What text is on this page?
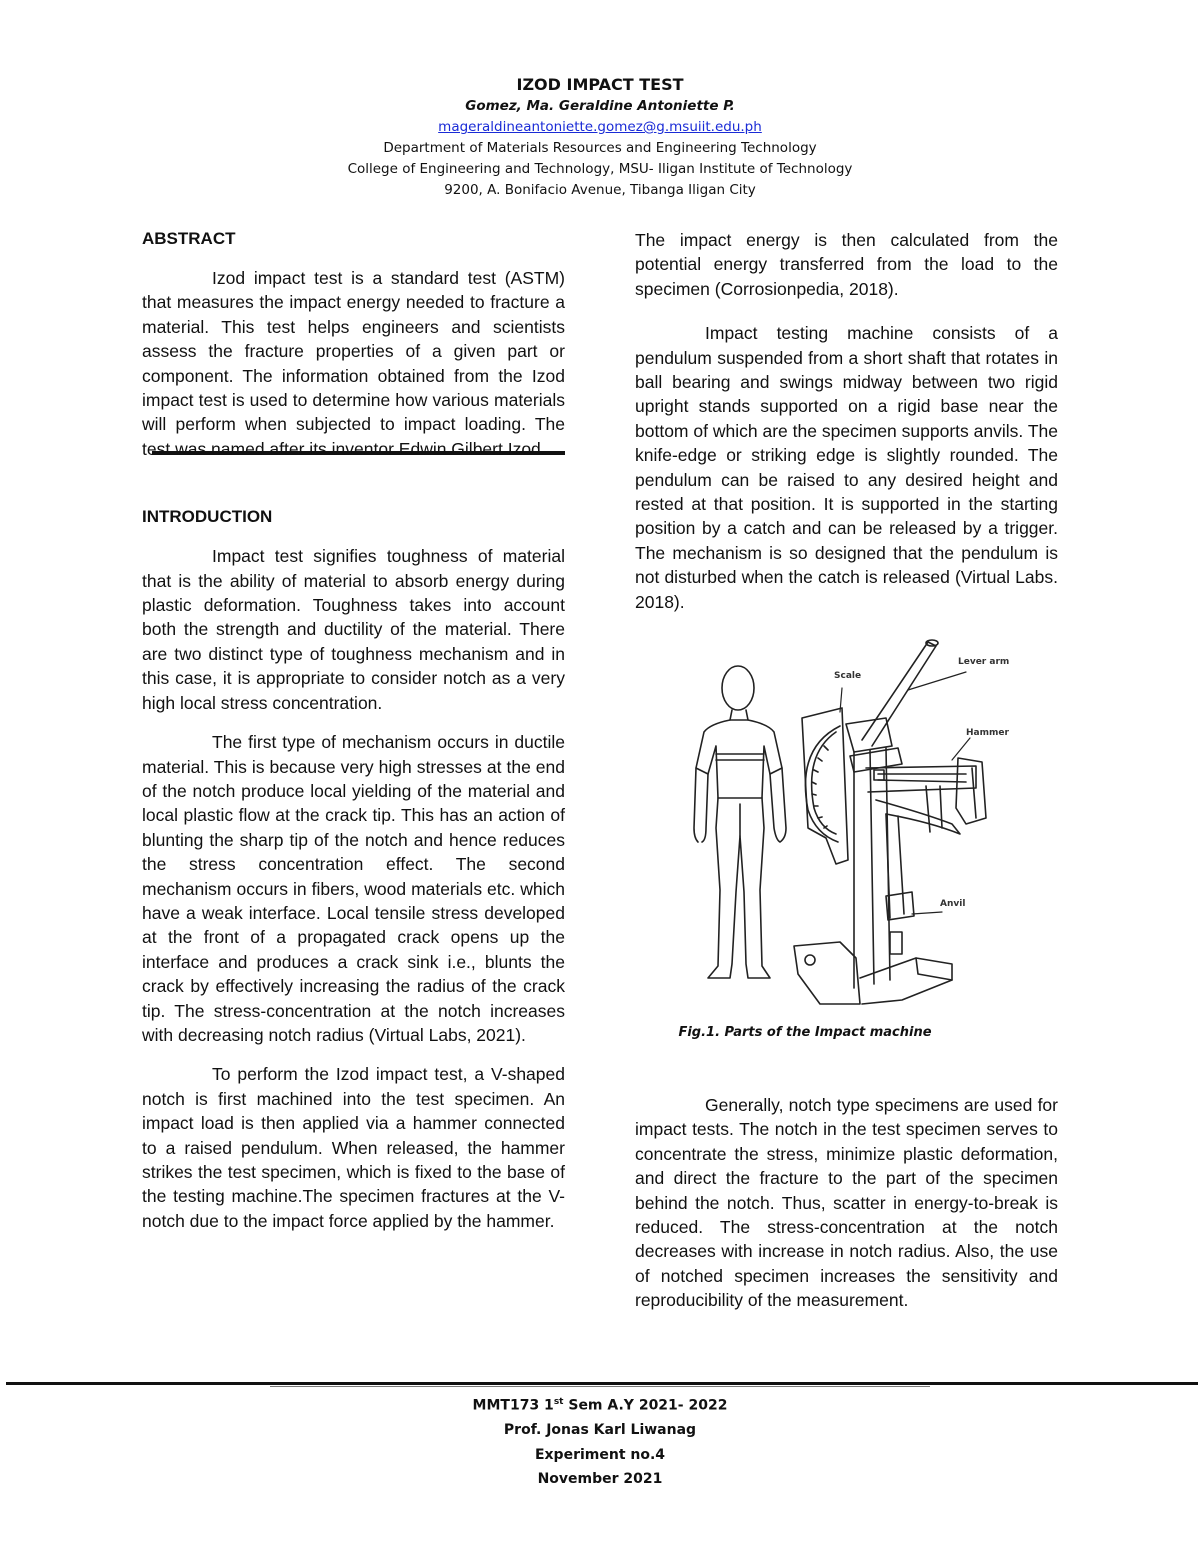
IZOD IMPACT TEST
Gomez, Ma. Geraldine Antoniette P.
mageraldineantoniette.gomez@g.msuiit.edu.ph
Department of Materials Resources and Engineering Technology
College of Engineering and Technology, MSU- Iligan Institute of Technology
9200, A. Bonifacio Avenue, Tibanga Iligan City
ABSTRACT

Izod impact test is a standard test (ASTM) that measures the impact energy needed to fracture a material. This test helps engineers and scientists assess the fracture properties of a given part or component. The information obtained from the Izod impact test is used to determine how various materials will perform when subjected to impact loading. The test was named after its inventor Edwin Gilbert Izod.

INTRODUCTION

Impact test signifies toughness of material that is the ability of material to absorb energy during plastic deformation. Toughness takes into account both the strength and ductility of the material. There are two distinct type of toughness mechanism and in this case, it is appropriate to consider notch as a very high local stress concentration.

The first type of mechanism occurs in ductile material. This is because very high stresses at the end of the notch produce local yielding of the material and local plastic flow at the crack tip. This has an action of blunting the sharp tip of the notch and hence reduces the stress concentration effect. The second mechanism occurs in fibers, wood materials etc. which have a weak interface. Local tensile stress developed at the front of a propagated crack opens up the interface and produces a crack sink i.e., blunts the crack by effectively increasing the radius of the crack tip. The stress-concentration at the notch increases with decreasing notch radius (Virtual Labs, 2021).

To perform the Izod impact test, a V-shaped notch is first machined into the test specimen. An impact load is then applied via a hammer connected to a raised pendulum. When released, the hammer strikes the test specimen, which is fixed to the base of the testing machine.The specimen fractures at the V-notch due to the impact force applied by the hammer.

The impact energy is then calculated from the potential energy transferred from the load to the specimen (Corrosionpedia, 2018).

Impact testing machine consists of a pendulum suspended from a short shaft that rotates in ball bearing and swings midway between two rigid upright stands supported on a rigid base near the bottom of which are the specimen supports anvils. The knife-edge or striking edge is slightly rounded. The pendulum can be raised to any desired height and rested at that position. It is supported in the starting position by a catch and can be released by a trigger. The mechanism is so designed that the pendulum is not disturbed when the catch is released (Virtual Labs. 2018).

Scale
Lever arm
Hammer
Anvil
Fig.1. Parts of the Impact machine

Generally, notch type specimens are used for impact tests. The notch in the test specimen serves to concentrate the stress, minimize plastic deformation, and direct the fracture to the part of the specimen behind the notch. Thus, scatter in energy-to-break is reduced. The stress-concentration at the notch decreases with increase in notch radius. Also, the use of notched specimen increases the sensitivity and reproducibility of the measurement.

MMT173 1st Sem A.Y 2021- 2022
Prof. Jonas Karl Liwanag
Experiment no.4
November 2021
